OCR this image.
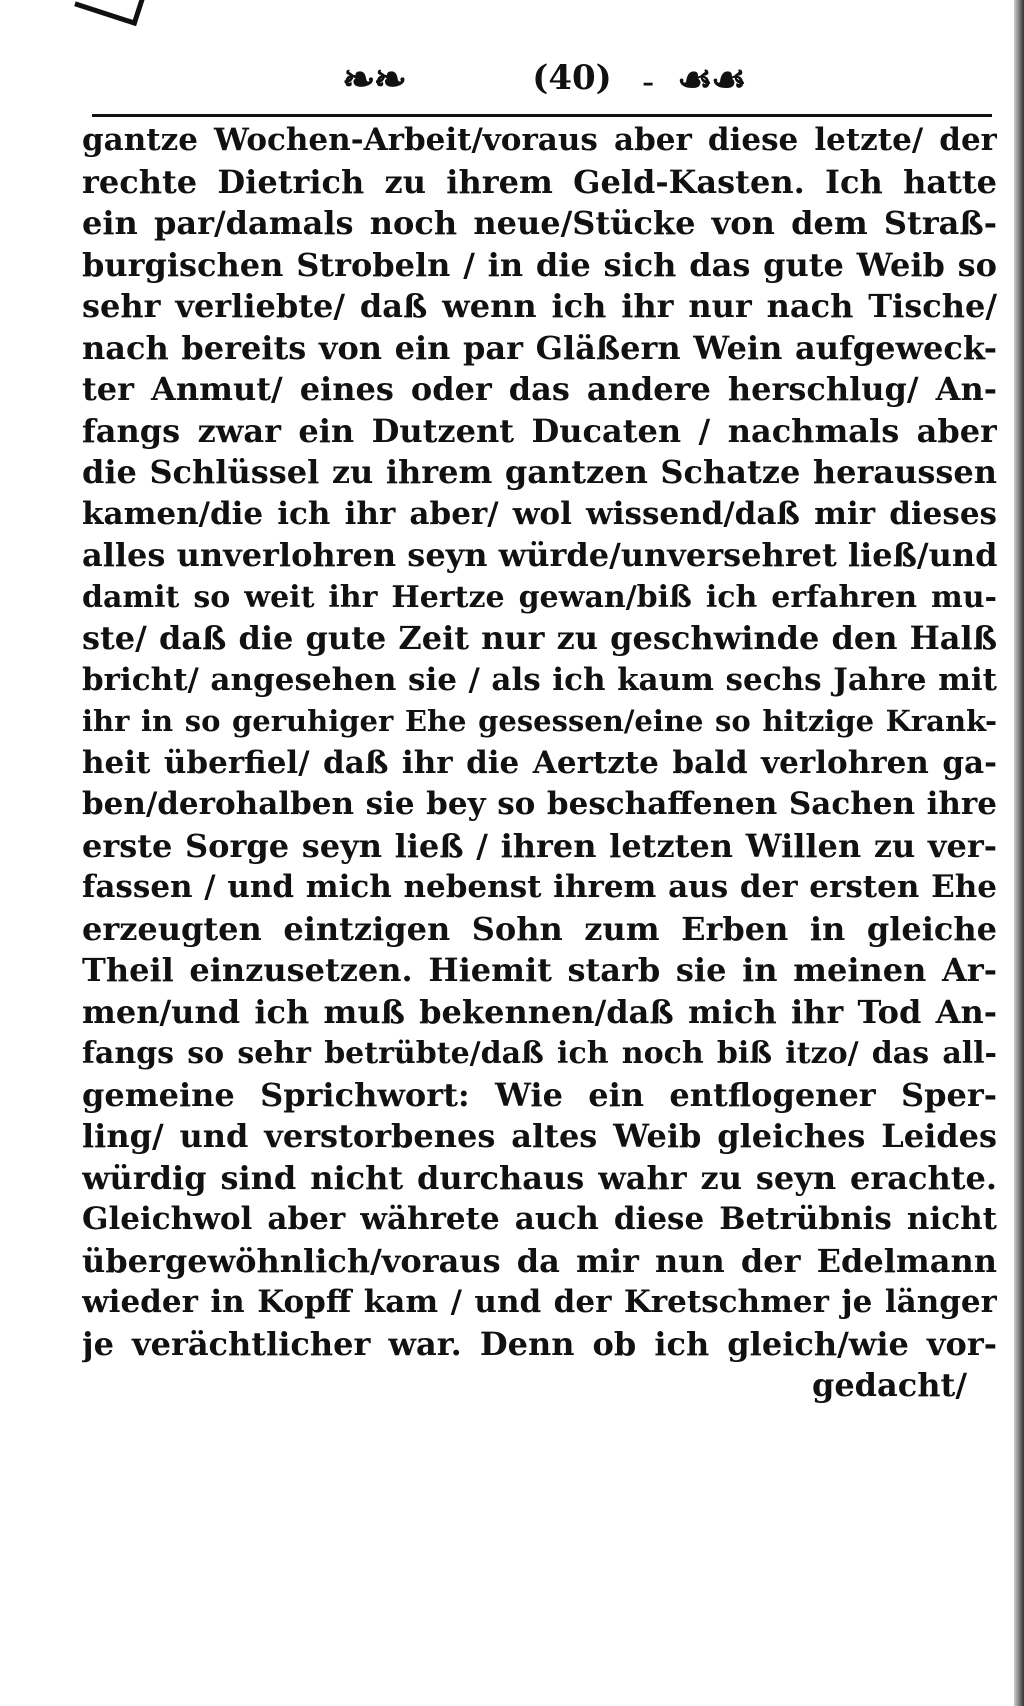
❧❧	(40) - ☙☙
gantze Wochen-Arbeit/voraus aber diese letzte/ der
rechte Dietrich zu ihrem Geld-Kasten. Ich hatte
ein par/damals noch neue/Stücke von dem Straß-
burgischen Strobeln / in die sich das gute Weib so
sehr verliebte/ daß wenn ich ihr nur nach Tische/
nach bereits von ein par Gläßern Wein aufgeweck-
ter Anmut/ eines oder das andere herschlug/ An-
fangs zwar ein Dutzent Ducaten / nachmals aber
die Schlüssel zu ihrem gantzen Schatze heraussen
kamen/die ich ihr aber/ wol wissend/daß mir dieses
alles unverlohren seyn würde/unversehret ließ/und
damit so weit ihr Hertze gewan/biß ich erfahren mu-
ste/ daß die gute Zeit nur zu geschwinde den Halß
bricht/ angesehen sie / als ich kaum sechs Jahre mit
ihr in so geruhiger Ehe gesessen/eine so hitzige Krank-
heit überfiel/ daß ihr die Aertzte bald verlohren ga-
ben/derohalben sie bey so beschaffenen Sachen ihre
erste Sorge seyn ließ / ihren letzten Willen zu ver-
fassen / und mich nebenst ihrem aus der ersten Ehe
erzeugten eintzigen Sohn zum Erben in gleiche
Theil einzusetzen. Hiemit starb sie in meinen Ar-
men/und ich muß bekennen/daß mich ihr Tod An-
fangs so sehr betrübte/daß ich noch biß itzo/ das all-
gemeine Sprichwort: Wie ein entflogener Sper-
ling/ und verstorbenes altes Weib gleiches Leides
würdig sind nicht durchaus wahr zu seyn erachte.
Gleichwol aber währete auch diese Betrübnis nicht
übergewöhnlich/voraus da mir nun der Edelmann
wieder in Kopff kam / und der Kretschmer je länger
je verächtlicher war. Denn ob ich gleich/wie vor-
gedacht/
